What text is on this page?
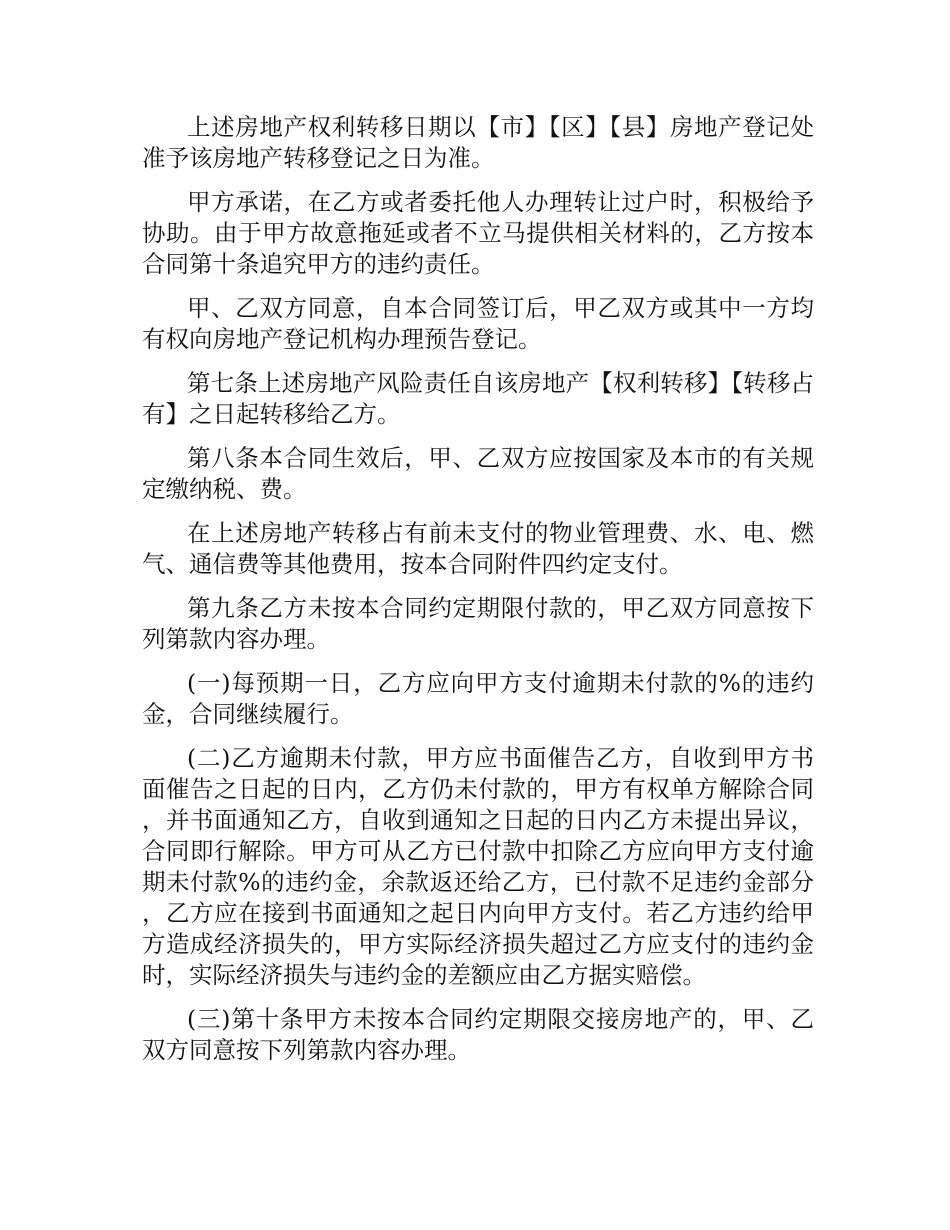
上述房地产权利转移日期以【市】【区】【县】房地产登记处准予该房地产转移登记之日为准。

甲方承诺，在乙方或者委托他人办理转让过户时，积极给予协助。由于甲方故意拖延或者不立马提供相关材料的，乙方按本合同第十条追究甲方的违约责任。

甲、乙双方同意，自本合同签订后，甲乙双方或其中一方均有权向房地产登记机构办理预告登记。

第七条上述房地产风险责任自该房地产【权利转移】【转移占有】之日起转移给乙方。

第八条本合同生效后，甲、乙双方应按国家及本市的有关规定缴纳税、费。

在上述房地产转移占有前未支付的物业管理费、水、电、燃气、通信费等其他费用，按本合同附件四约定支付。

第九条乙方未按本合同约定期限付款的，甲乙双方同意按下列第款内容办理。

(一)每预期一日，乙方应向甲方支付逾期未付款的%的违约金，合同继续履行。

(二)乙方逾期未付款，甲方应书面催告乙方，自收到甲方书面催告之日起的日内，乙方仍未付款的，甲方有权单方解除合同，并书面通知乙方，自收到通知之日起的日内乙方未提出异议，合同即行解除。甲方可从乙方已付款中扣除乙方应向甲方支付逾期未付款%的违约金，余款返还给乙方，已付款不足违约金部分，乙方应在接到书面通知之起日内向甲方支付。若乙方违约给甲方造成经济损失的，甲方实际经济损失超过乙方应支付的违约金时，实际经济损失与违约金的差额应由乙方据实赔偿。

(三)第十条甲方未按本合同约定期限交接房地产的，甲、乙双方同意按下列第款内容办理。
